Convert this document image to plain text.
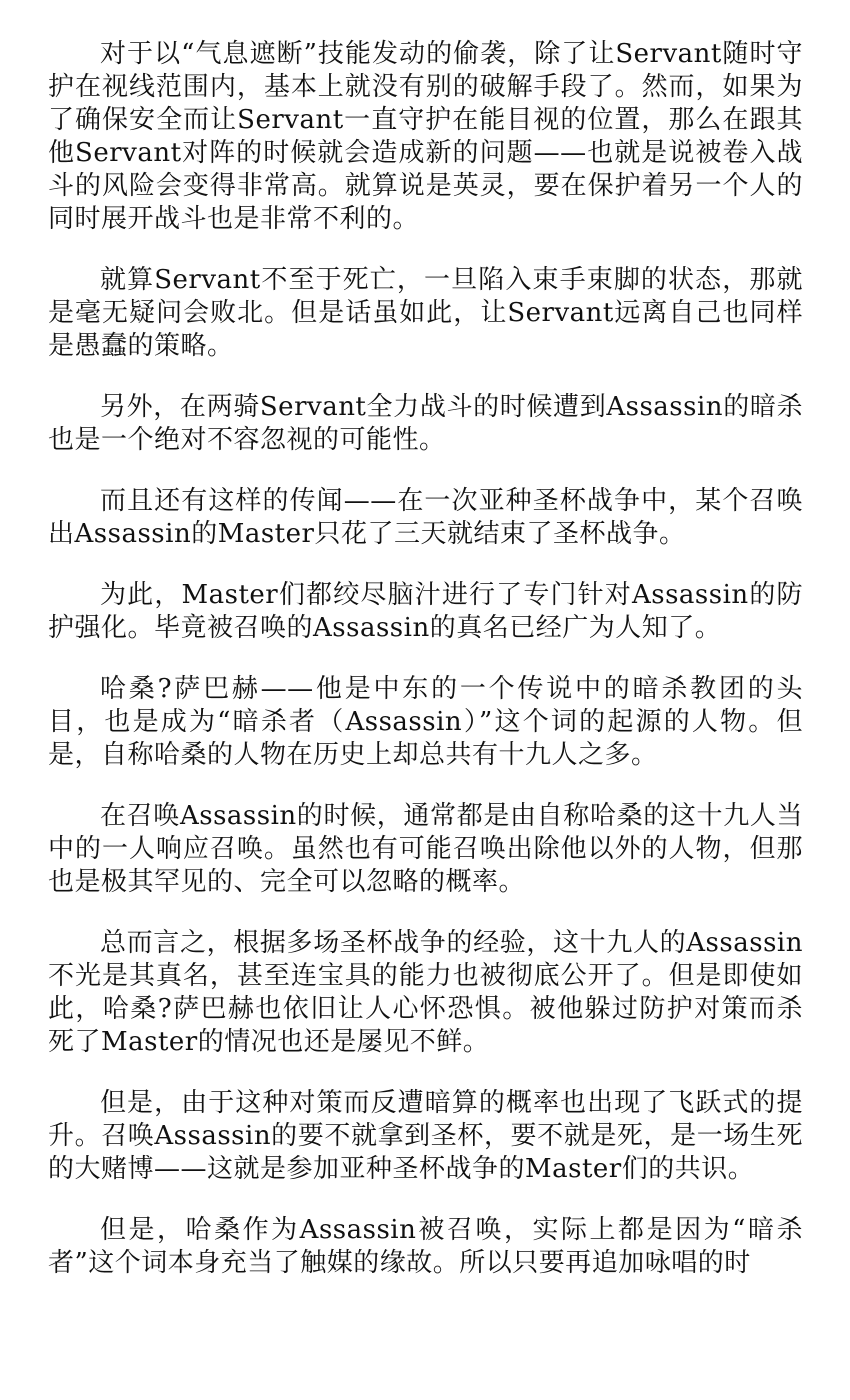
对于以“气息遮断”技能发动的偷袭，除了让Servant随时守护在视线范围内，基本上就没有别的破解手段了。然而，如果为了确保安全而让Servant一直守护在能目视的位置，那么在跟其他Servant对阵的时候就会造成新的问题——也就是说被卷入战斗的风险会变得非常高。就算说是英灵，要在保护着另一个人的同时展开战斗也是非常不利的。

就算Servant不至于死亡，一旦陷入束手束脚的状态，那就是毫无疑问会败北。但是话虽如此，让Servant远离自己也同样是愚蠢的策略。

另外，在两骑Servant全力战斗的时候遭到Assassin的暗杀也是一个绝对不容忽视的可能性。

而且还有这样的传闻——在一次亚种圣杯战争中，某个召唤出Assassin的Master只花了三天就结束了圣杯战争。

为此，Master们都绞尽脑汁进行了专门针对Assassin的防护强化。毕竟被召唤的Assassin的真名已经广为人知了。

哈桑?萨巴赫——他是中东的一个传说中的暗杀教团的头目，也是成为“暗杀者（Assassin）”这个词的起源的人物。但是，自称哈桑的人物在历史上却总共有十九人之多。

在召唤Assassin的时候，通常都是由自称哈桑的这十九人当中的一人响应召唤。虽然也有可能召唤出除他以外的人物，但那也是极其罕见的、完全可以忽略的概率。

总而言之，根据多场圣杯战争的经验，这十九人的Assassin不光是其真名，甚至连宝具的能力也被彻底公开了。但是即使如此，哈桑?萨巴赫也依旧让人心怀恐惧。被他躲过防护对策而杀死了Master的情况也还是屡见不鲜。

但是，由于这种对策而反遭暗算的概率也出现了飞跃式的提升。召唤Assassin的要不就拿到圣杯，要不就是死，是一场生死的大赌博——这就是参加亚种圣杯战争的Master们的共识。

但是，哈桑作为Assassin被召唤，实际上都是因为“暗杀者”这个词本身充当了触媒的缘故。所以只要再追加咏唱的时
